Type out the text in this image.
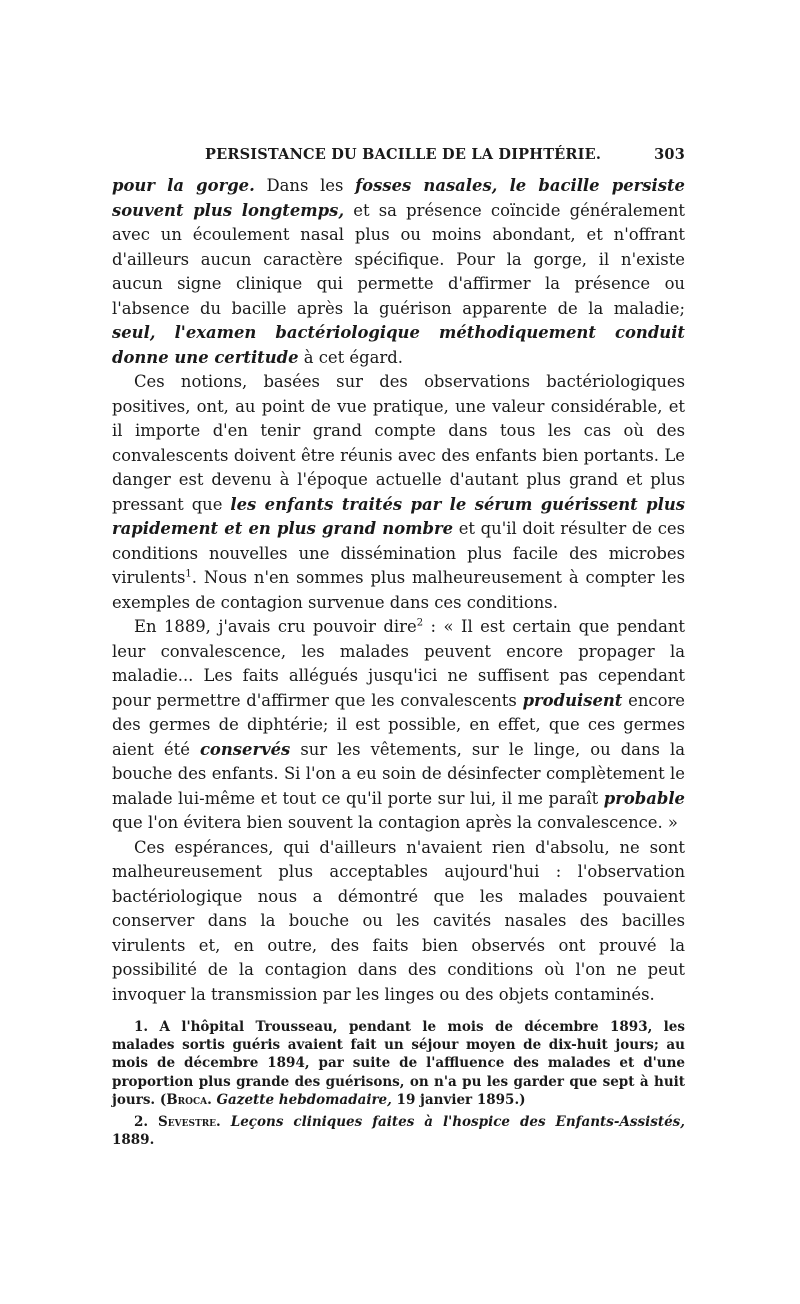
PERSISTANCE DU BACILLE DE LA DIPHTÉRIE.	303

pour la gorge. Dans les fosses nasales, le bacille persiste souvent plus longtemps, et sa présence coïncide généralement avec un écoulement nasal plus ou moins abondant, et n'offrant d'ailleurs aucun caractère spécifique. Pour la gorge, il n'existe aucun signe clinique qui permette d'affirmer la présence ou l'absence du bacille après la guérison apparente de la maladie; seul, l'examen bactériologique méthodiquement conduit donne une certitude à cet égard.

Ces notions, basées sur des observations bactériologiques positives, ont, au point de vue pratique, une valeur considérable, et il importe d'en tenir grand compte dans tous les cas où des convalescents doivent être réunis avec des enfants bien portants. Le danger est devenu à l'époque actuelle d'autant plus grand et plus pressant que les enfants traités par le sérum guérissent plus rapidement et en plus grand nombre et qu'il doit résulter de ces conditions nouvelles une dissémination plus facile des microbes virulents$^1$. Nous n'en sommes plus malheureusement à compter les exemples de contagion survenue dans ces conditions.

En 1889, j'avais cru pouvoir dire$^2$ : « Il est certain que pendant leur convalescence, les malades peuvent encore propager la maladie... Les faits allégués jusqu'ici ne suffisent pas cependant pour permettre d'affirmer que les convalescents produisent encore des germes de diphtérie; il est possible, en effet, que ces germes aient été conservés sur les vêtements, sur le linge, ou dans la bouche des enfants. Si l'on a eu soin de désinfecter complètement le malade lui-même et tout ce qu'il porte sur lui, il me paraît probable que l'on évitera bien souvent la contagion après la convalescence. »

Ces espérances, qui d'ailleurs n'avaient rien d'absolu, ne sont malheureusement plus acceptables aujourd'hui : l'observation bactériologique nous a démontré que les malades pouvaient conserver dans la bouche ou les cavités nasales des bacilles virulents et, en outre, des faits bien observés ont prouvé la possibilité de la contagion dans des conditions où l'on ne peut invoquer la transmission par les linges ou des objets contaminés.

1. A l'hôpital Trousseau, pendant le mois de décembre 1893, les malades sortis guéris avaient fait un séjour moyen de dix-huit jours; au mois de décembre 1894, par suite de l'affluence des malades et d'une proportion plus grande des guérisons, on n'a pu les garder que sept à huit jours. (Broca. Gazette hebdomadaire, 19 janvier 1895.)

2. Sevestre. Leçons cliniques faites à l'hospice des Enfants-Assistés, 1889.
